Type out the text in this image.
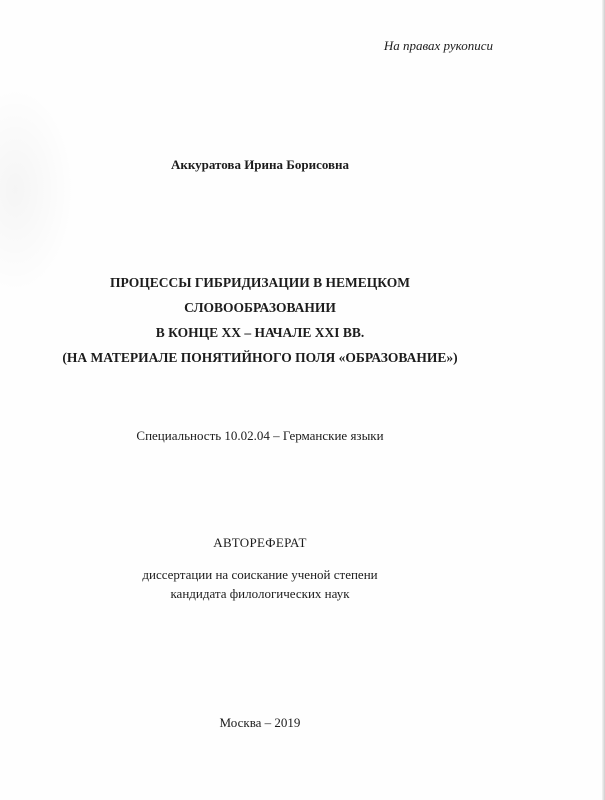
На правах рукописи
Аккуратова Ирина Борисовна
ПРОЦЕССЫ ГИБРИДИЗАЦИИ В НЕМЕЦКОМ
СЛОВООБРАЗОВАНИИ
В КОНЦЕ XX – НАЧАЛЕ XXI ВВ.
(НА МАТЕРИАЛЕ ПОНЯТИЙНОГО ПОЛЯ «ОБРАЗОВАНИЕ»)
Специальность 10.02.04 – Германские языки
АВТОРЕФЕРАТ
диссертации на соискание ученой степени
кандидата филологических наук
Москва – 2019
